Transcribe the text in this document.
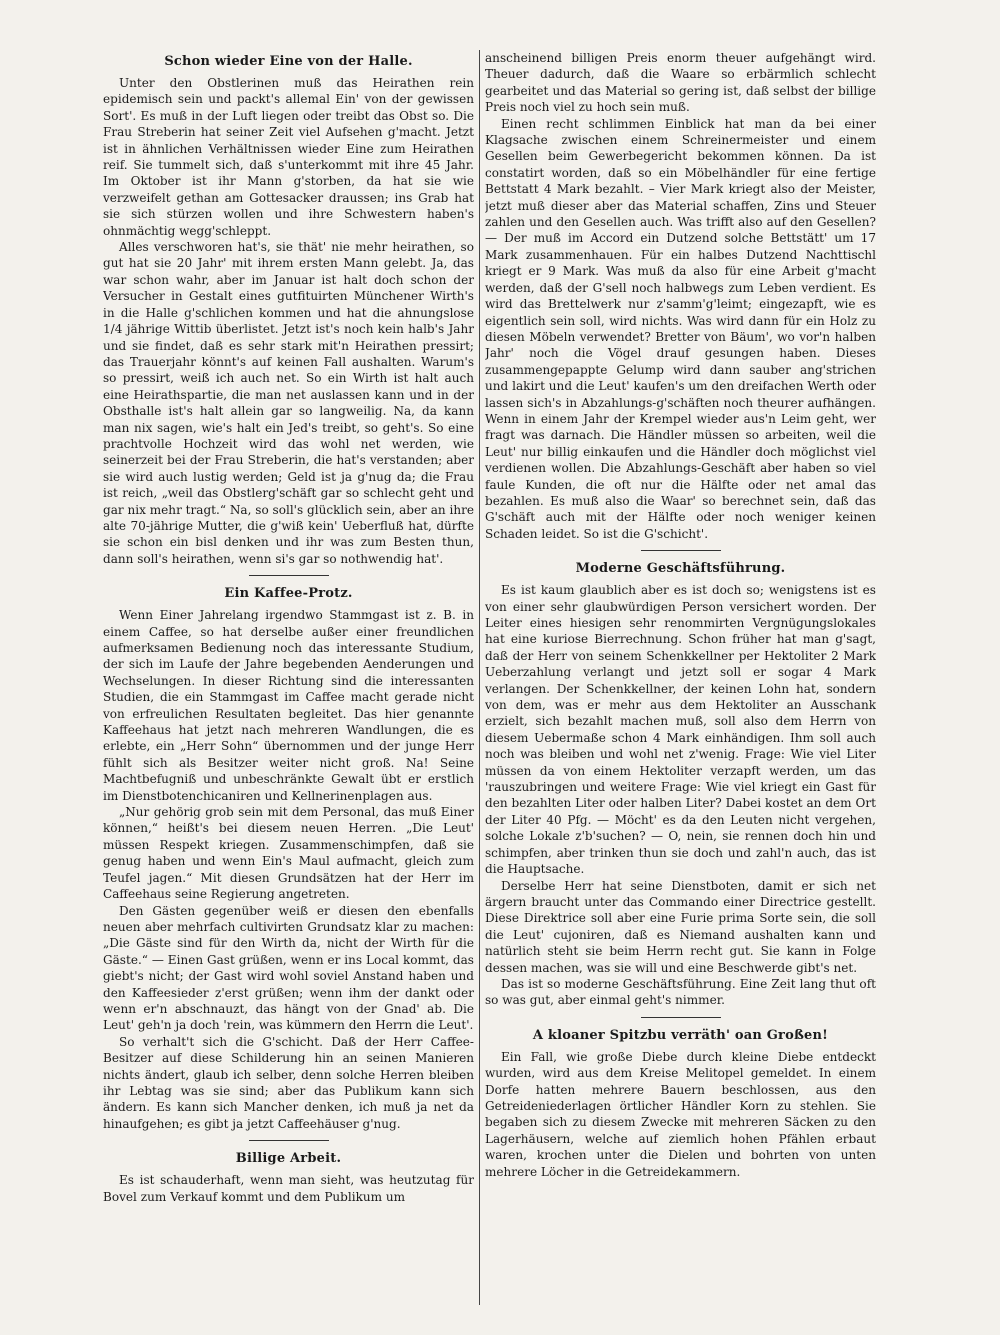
Schon wieder Eine von der Halle.

Unter den Obstlerinen muß das Heirathen rein epidemisch sein und packt's allemal Ein' von der gewissen Sort'. Es muß in der Luft liegen oder treibt das Obst so. Die Frau Streberin hat seiner Zeit viel Aufsehen g'macht. Jetzt ist in ähnlichen Verhältnissen wieder Eine zum Heirathen reif. Sie tummelt sich, daß s'unterkommt mit ihre 45 Jahr. Im Oktober ist ihr Mann g'storben, da hat sie wie verzweifelt gethan am Gottesacker draussen; ins Grab hat sie sich stürzen wollen und ihre Schwestern haben's ohnmächtig wegg'schleppt.

Alles verschworen hat's, sie thät' nie mehr heirathen, so gut hat sie 20 Jahr' mit ihrem ersten Mann gelebt. Ja, das war schon wahr, aber im Januar ist halt doch schon der Versucher in Gestalt eines gutfituirten Münchener Wirth's in die Halle g'schlichen kommen und hat die ahnungslose 1/4 jährige Wittib überlistet. Jetzt ist's noch kein halb's Jahr und sie findet, daß es sehr stark mit'n Heirathen pressirt; das Trauerjahr könnt's auf keinen Fall aushalten. Warum's so pressirt, weiß ich auch net. So ein Wirth ist halt auch eine Heirathspartie, die man net auslassen kann und in der Obsthalle ist's halt allein gar so langweilig. Na, da kann man nix sagen, wie's halt ein Jed's treibt, so geht's. So eine prachtvolle Hochzeit wird das wohl net werden, wie seinerzeit bei der Frau Streberin, die hat's verstanden; aber sie wird auch lustig werden; Geld ist ja g'nug da; die Frau ist reich, „weil das Obstlerg'schäft gar so schlecht geht und gar nix mehr tragt.“ Na, so soll's glücklich sein, aber an ihre alte 70-jährige Mutter, die g'wiß kein' Ueberfluß hat, dürfte sie schon ein bisl denken und ihr was zum Besten thun, dann soll's heirathen, wenn si's gar so nothwendig hat'.

Ein Kaffee-Protz.

Wenn Einer Jahrelang irgendwo Stammgast ist z. B. in einem Caffee, so hat derselbe außer einer freundlichen aufmerksamen Bedienung noch das interessante Studium, der sich im Laufe der Jahre begebenden Aenderungen und Wechselungen. In dieser Richtung sind die interessanten Studien, die ein Stammgast im Caffee macht gerade nicht von erfreulichen Resultaten begleitet. Das hier genannte Kaffeehaus hat jetzt nach mehreren Wandlungen, die es erlebte, ein „Herr Sohn“ übernommen und der junge Herr fühlt sich als Besitzer weiter nicht groß. Na! Seine Machtbefugniß und unbeschränkte Gewalt übt er erstlich im Dienstbotenchicaniren und Kellnerinenplagen aus.

„Nur gehörig grob sein mit dem Personal, das muß Einer können,“ heißt's bei diesem neuen Herren. „Die Leut' müssen Respekt kriegen. Zusammenschimpfen, daß sie genug haben und wenn Ein's Maul aufmacht, gleich zum Teufel jagen.“ Mit diesen Grundsätzen hat der Herr im Caffeehaus seine Regierung angetreten.

Den Gästen gegenüber weiß er diesen den ebenfalls neuen aber mehrfach cultivirten Grundsatz klar zu machen: „Die Gäste sind für den Wirth da, nicht der Wirth für die Gäste.“ — Einen Gast grüßen, wenn er ins Local kommt, das giebt's nicht; der Gast wird wohl soviel Anstand haben und den Kaffeesieder z'erst grüßen; wenn ihm der dankt oder wenn er'n abschnauzt, das hängt von der Gnad' ab. Die Leut' geh'n ja doch 'rein, was kümmern den Herrn die Leut'.

So verhalt't sich die G'schicht. Daß der Herr Caffee-Besitzer auf diese Schilderung hin an seinen Manieren nichts ändert, glaub ich selber, denn solche Herren bleiben ihr Lebtag was sie sind; aber das Publikum kann sich ändern. Es kann sich Mancher denken, ich muß ja net da hinaufgehen; es gibt ja jetzt Caffeehäuser g'nug.

Billige Arbeit.

Es ist schauderhaft, wenn man sieht, was heutzutag für Bovel zum Verkauf kommt und dem Publikum um

anscheinend billigen Preis enorm theuer aufgehängt wird. Theuer dadurch, daß die Waare so erbärmlich schlecht gearbeitet und das Material so gering ist, daß selbst der billige Preis noch viel zu hoch sein muß.

Einen recht schlimmen Einblick hat man da bei einer Klagsache zwischen einem Schreinermeister und einem Gesellen beim Gewerbegericht bekommen können. Da ist constatirt worden, daß so ein Möbelhändler für eine fertige Bettstatt 4 Mark bezahlt. – Vier Mark kriegt also der Meister, jetzt muß dieser aber das Material schaffen, Zins und Steuer zahlen und den Gesellen auch. Was trifft also auf den Gesellen? — Der muß im Accord ein Dutzend solche Bettstätt' um 17 Mark zusammenhauen. Für ein halbes Dutzend Nachttischl kriegt er 9 Mark. Was muß da also für eine Arbeit g'macht werden, daß der G'sell noch halbwegs zum Leben verdient. Es wird das Brettelwerk nur z'samm'g'leimt; eingezapft, wie es eigentlich sein soll, wird nichts. Was wird dann für ein Holz zu diesen Möbeln verwendet? Bretter von Bäum', wo vor'n halben Jahr' noch die Vögel drauf gesungen haben. Dieses zusammengepappte Gelump wird dann sauber ang'strichen und lakirt und die Leut' kaufen's um den dreifachen Werth oder lassen sich's in Abzahlungs-g'schäften noch theurer aufhängen. Wenn in einem Jahr der Krempel wieder aus'n Leim geht, wer fragt was darnach. Die Händler müssen so arbeiten, weil die Leut' nur billig einkaufen und die Händler doch möglichst viel verdienen wollen. Die Abzahlungs-Geschäft aber haben so viel faule Kunden, die oft nur die Hälfte oder net amal das bezahlen. Es muß also die Waar' so berechnet sein, daß das G'schäft auch mit der Hälfte oder noch weniger keinen Schaden leidet. So ist die G'schicht'.

Moderne Geschäftsführung.

Es ist kaum glaublich aber es ist doch so; wenigstens ist es von einer sehr glaubwürdigen Person versichert worden. Der Leiter eines hiesigen sehr renommirten Vergnügungslokales hat eine kuriose Bierrechnung. Schon früher hat man g'sagt, daß der Herr von seinem Schenkkellner per Hektoliter 2 Mark Ueberzahlung verlangt und jetzt soll er sogar 4 Mark verlangen. Der Schenkkellner, der keinen Lohn hat, sondern von dem, was er mehr aus dem Hektoliter an Ausschank erzielt, sich bezahlt machen muß, soll also dem Herrn von diesem Uebermaße schon 4 Mark einhändigen. Ihm soll auch noch was bleiben und wohl net z'wenig. Frage: Wie viel Liter müssen da von einem Hektoliter verzapft werden, um das 'rauszubringen und weitere Frage: Wie viel kriegt ein Gast für den bezahlten Liter oder halben Liter? Dabei kostet an dem Ort der Liter 40 Pfg. — Möcht' es da den Leuten nicht vergehen, solche Lokale z'b'suchen? — O, nein, sie rennen doch hin und schimpfen, aber trinken thun sie doch und zahl'n auch, das ist die Hauptsache.

Derselbe Herr hat seine Dienstboten, damit er sich net ärgern braucht unter das Commando einer Directrice gestellt. Diese Direktrice soll aber eine Furie prima Sorte sein, die soll die Leut' cujoniren, daß es Niemand aushalten kann und natürlich steht sie beim Herrn recht gut. Sie kann in Folge dessen machen, was sie will und eine Beschwerde gibt's net.

Das ist so moderne Geschäftsführung. Eine Zeit lang thut oft so was gut, aber einmal geht's nimmer.

A kloaner Spitzbu verräth' oan Großen!

Ein Fall, wie große Diebe durch kleine Diebe entdeckt wurden, wird aus dem Kreise Melitopel gemeldet. In einem Dorfe hatten mehrere Bauern beschlossen, aus den Getreideniederlagen örtlicher Händler Korn zu stehlen. Sie begaben sich zu diesem Zwecke mit mehreren Säcken zu den Lagerhäusern, welche auf ziemlich hohen Pfählen erbaut waren, krochen unter die Dielen und bohrten von unten mehrere Löcher in die Getreidekammern.
